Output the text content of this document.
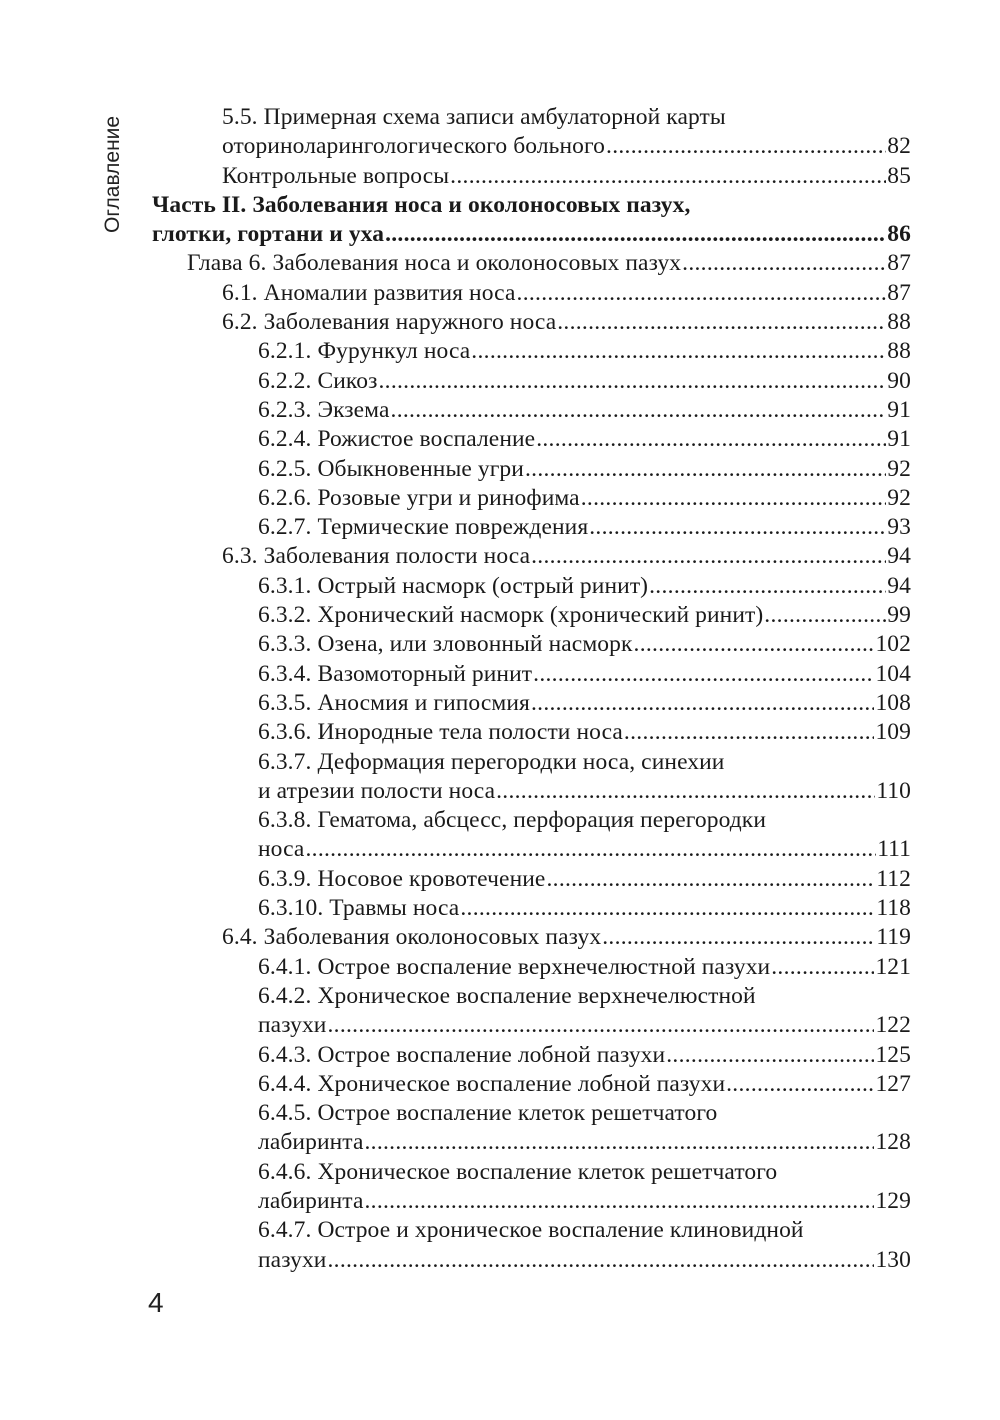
Оглавление	5.5. Примерная схема записи амбулаторной карты
оториноларингологического больного .....	82
Контрольные вопросы .....	85
Часть II. Заболевания носа и околоносовых пазух,
глотки, гортани и уха .....	86
Глава 6. Заболевания носа и околоносовых пазух .....	87
6.1. Аномалии развития носа .....	87
6.2. Заболевания наружного носа .....	88
6.2.1. Фурункул носа .....	88
6.2.2. Сикоз .....	90
6.2.3. Экзема .....	91
6.2.4. Рожистое воспаление .....	91
6.2.5. Обыкновенные угри .....	92
6.2.6. Розовые угри и ринофима .....	92
6.2.7. Термические повреждения .....	93
6.3. Заболевания полости носа .....	94
6.3.1. Острый насморк (острый ринит) .....	94
6.3.2. Хронический насморк (хронический ринит) .....	99
6.3.3. Озена, или зловонный насморк .....	102
6.3.4. Вазомоторный ринит .....	104
6.3.5. Аносмия и гипосмия .....	108
6.3.6. Инородные тела полости носа .....	109
6.3.7. Деформация перегородки носа, синехии
и атрезии полости носа .....	110
6.3.8. Гематома, абсцесс, перфорация перегородки
носа .....	111
6.3.9. Носовое кровотечение .....	112
6.3.10. Травмы носа .....	118
6.4. Заболевания околоносовых пазух .....	119
6.4.1. Острое воспаление верхнечелюстной пазухи .....	121
6.4.2. Хроническое воспаление верхнечелюстной
пазухи .....	122
6.4.3. Острое воспаление лобной пазухи .....	125
6.4.4. Хроническое воспаление лобной пазухи .....	127
6.4.5. Острое воспаление клеток решетчатого
лабиринта .....	128
6.4.6. Хроническое воспаление клеток решетчатого
лабиринта .....	129
6.4.7. Острое и хроническое воспаление клиновидной
пазухи .....	130
4
